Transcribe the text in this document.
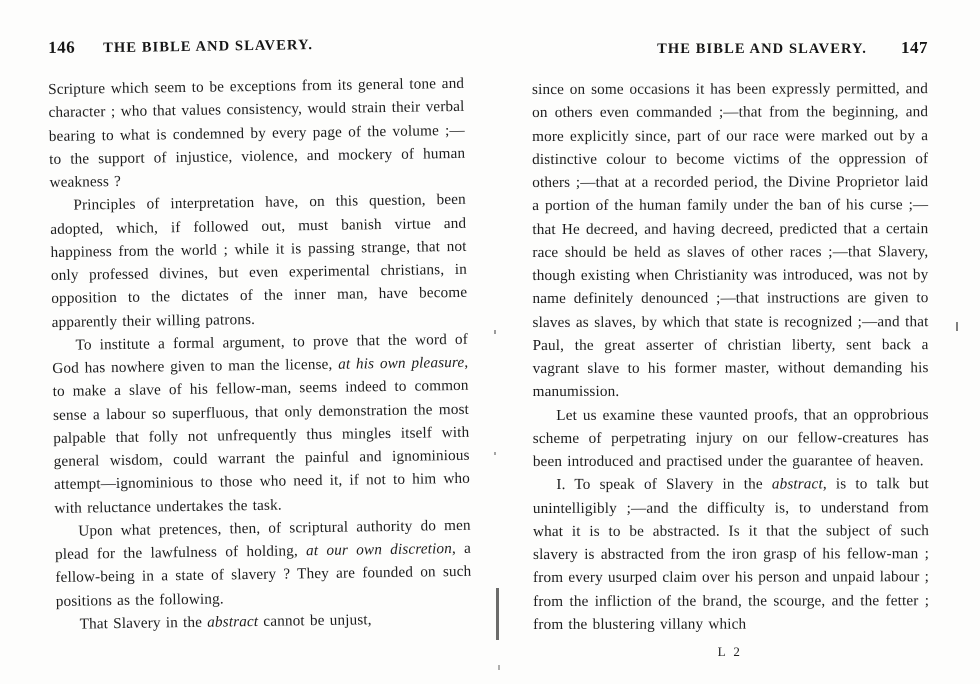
146 THE BIBLE AND SLAVERY.

Scripture which seem to be exceptions from its general tone and character ; who that values consistency, would strain their verbal bearing to what is condemned by every page of the volume ;—to the support of injustice, violence, and mockery of human weakness ?

Principles of interpretation have, on this question, been adopted, which, if followed out, must banish virtue and happiness from the world ; while it is passing strange, that not only professed divines, but even experimental christians, in opposition to the dictates of the inner man, have become apparently their willing patrons.

To institute a formal argument, to prove that the word of God has nowhere given to man the license, at his own pleasure, to make a slave of his fellow-man, seems indeed to common sense a labour so superfluous, that only demonstration the most palpable that folly not unfrequently thus mingles itself with general wisdom, could warrant the painful and ignominious attempt—ignominious to those who need it, if not to him who with reluctance undertakes the task.

Upon what pretences, then, of scriptural authority do men plead for the lawfulness of holding, at our own discretion, a fellow-being in a state of slavery ? They are founded on such positions as the following.

That Slavery in the abstract cannot be unjust,

THE BIBLE AND SLAVERY. 147

since on some occasions it has been expressly permitted, and on others even commanded ;—that from the beginning, and more explicitly since, part of our race were marked out by a distinctive colour to become victims of the oppression of others ;—that at a recorded period, the Divine Proprietor laid a portion of the human family under the ban of his curse ;—that He decreed, and having decreed, predicted that a certain race should be held as slaves of other races ;—that Slavery, though existing when Christianity was introduced, was not by name definitely denounced ;—that instructions are given to slaves as slaves, by which that state is recognized ;—and that Paul, the great asserter of christian liberty, sent back a vagrant slave to his former master, without demanding his manumission.

Let us examine these vaunted proofs, that an opprobrious scheme of perpetrating injury on our fellow-creatures has been introduced and practised under the guarantee of heaven.

I. To speak of Slavery in the abstract, is to talk but unintelligibly ;—and the difficulty is, to understand from what it is to be abstracted. Is it that the subject of such slavery is abstracted from the iron grasp of his fellow-man ; from every usurped claim over his person and unpaid labour ; from the infliction of the brand, the scourge, and the fetter ; from the blustering villany which

L 2
